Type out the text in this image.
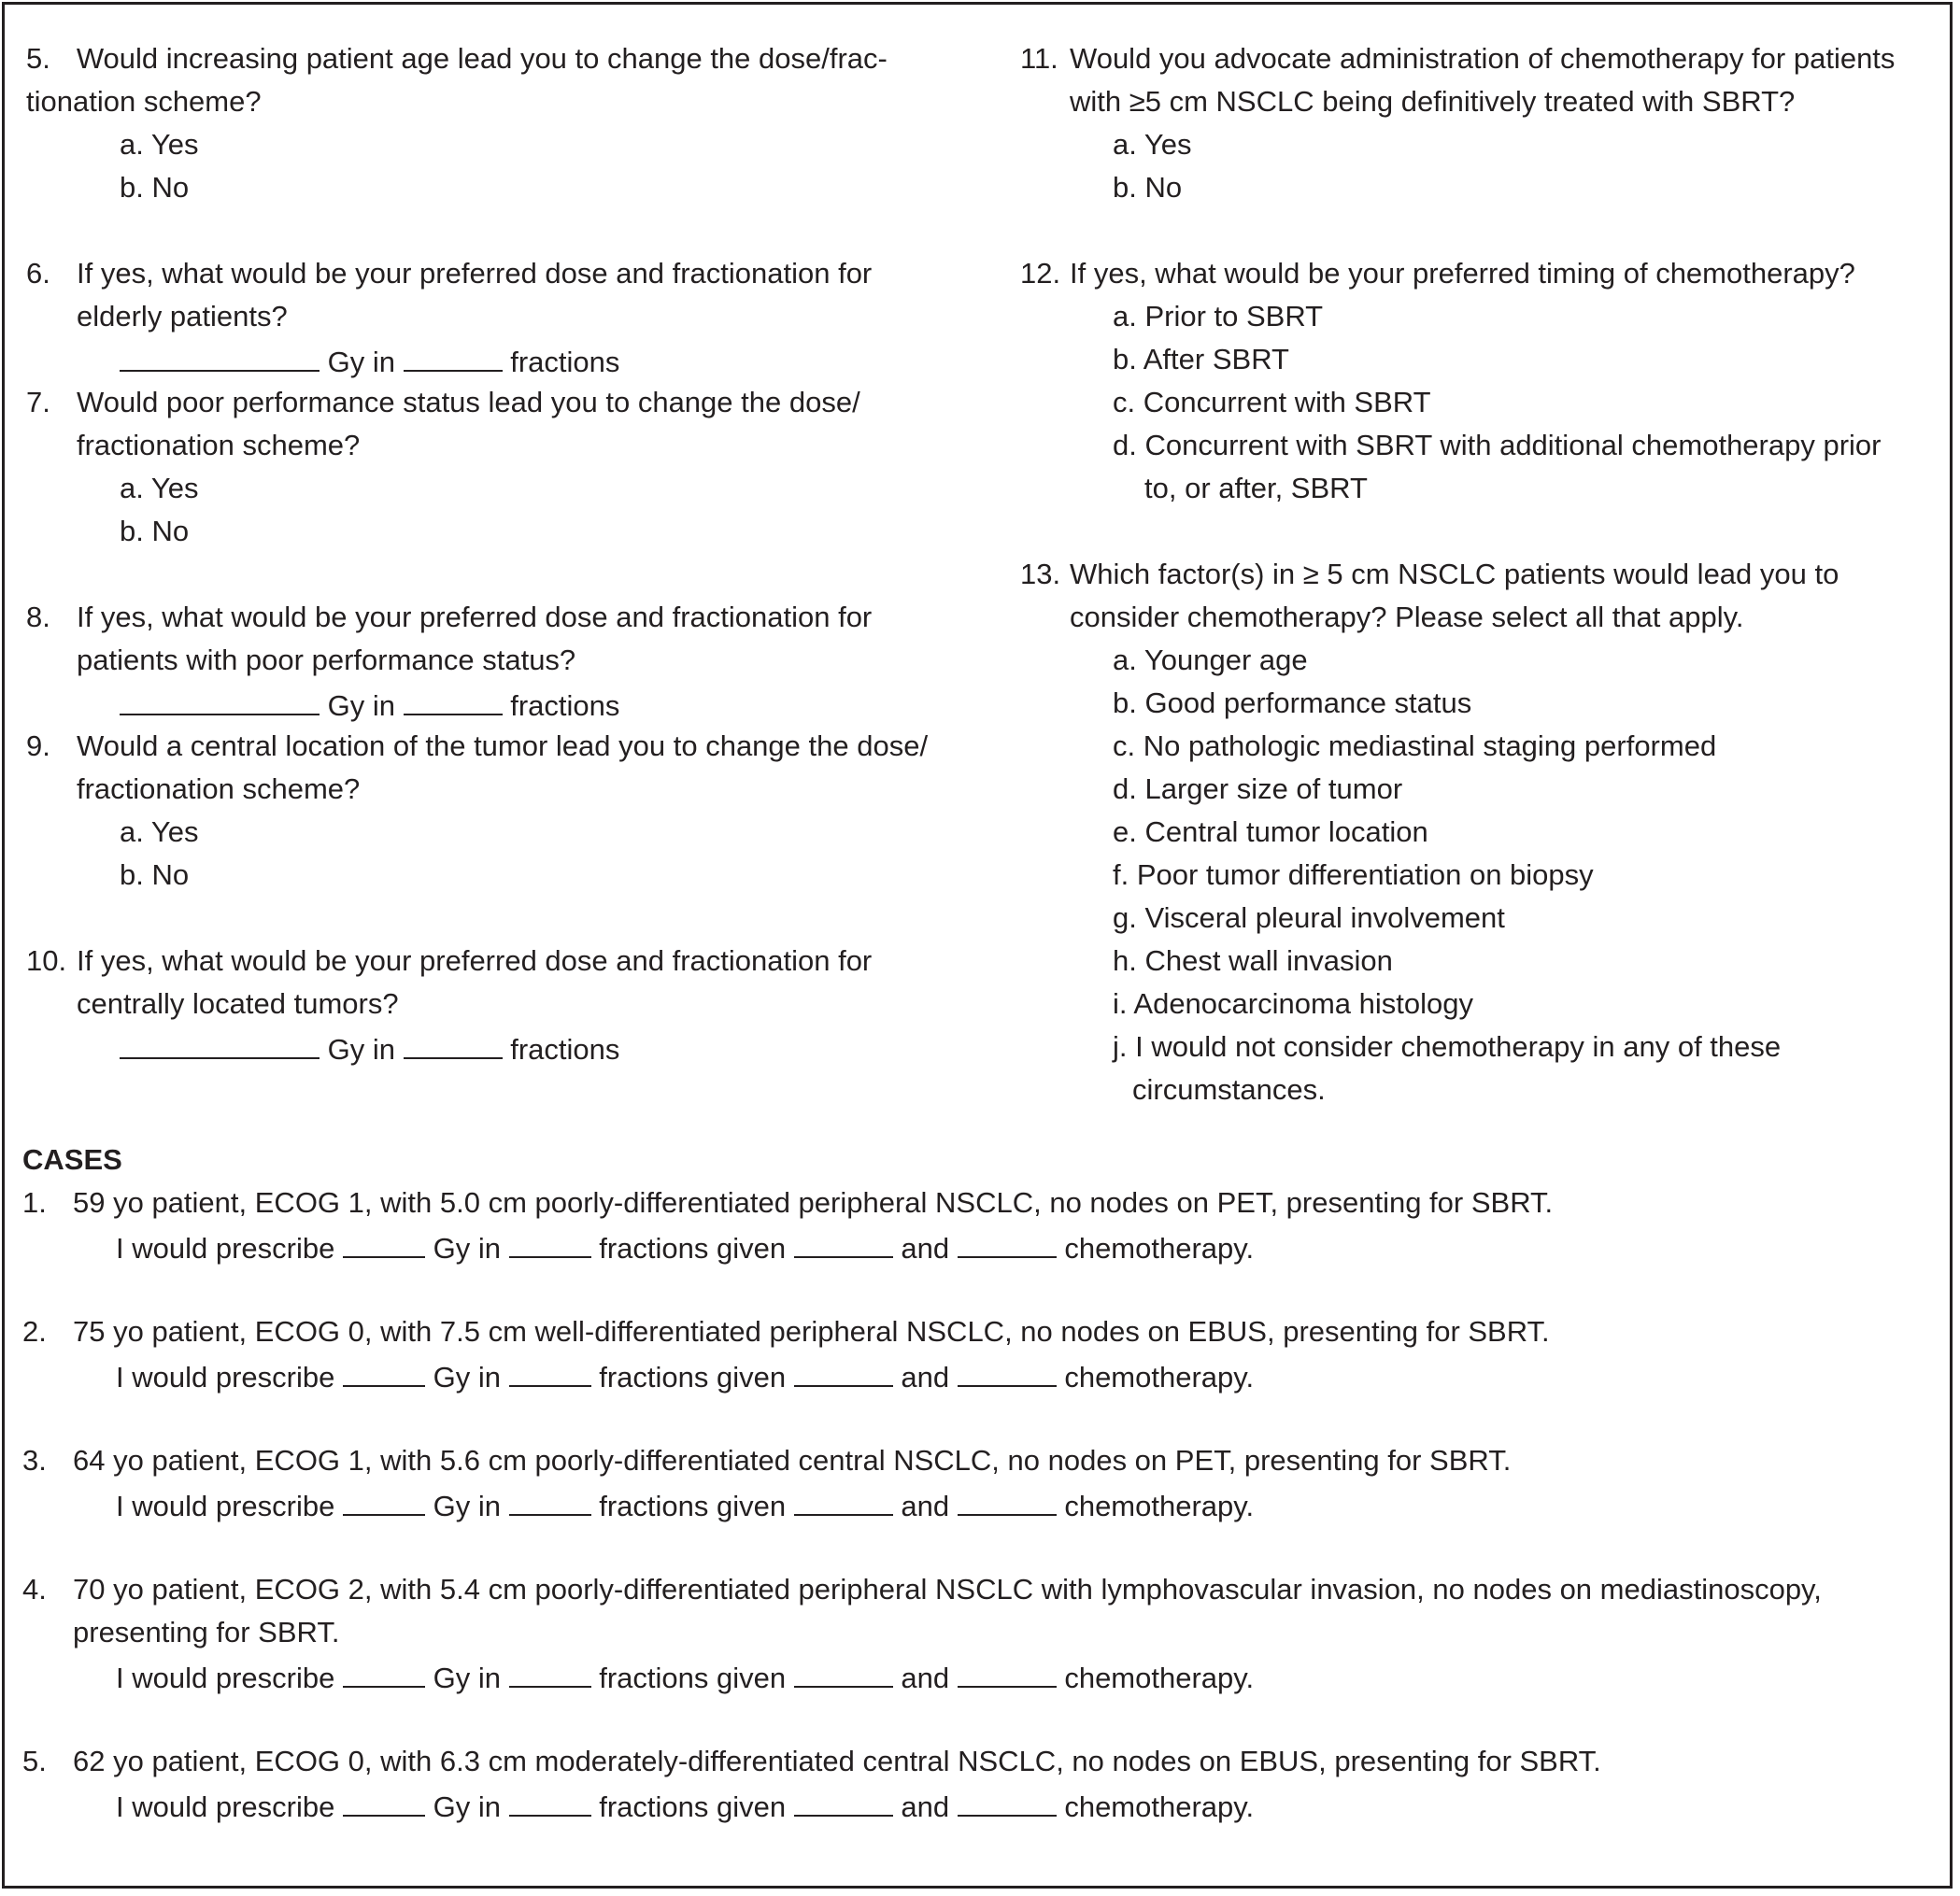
5. Would increasing patient age lead you to change the dose/frac-
tionation scheme?
a. Yes
b. No
6. If yes, what would be your preferred dose and fractionation for
elderly patients?
Gy in	fractions
7. Would poor performance status lead you to change the dose/
fractionation scheme?
a. Yes
b. No
8. If yes, what would be your preferred dose and fractionation for
patients with poor performance status?
Gy in	fractions
9. Would a central location of the tumor lead you to change the dose/
fractionation scheme?
a. Yes
b. No
10. If yes, what would be your preferred dose and fractionation for
centrally located tumors?
Gy in	fractions
11. Would you advocate administration of chemotherapy for patients
with ≥5 cm NSCLC being definitively treated with SBRT?
a. Yes
b. No
12. If yes, what would be your preferred timing of chemotherapy?
a. Prior to SBRT
b. After SBRT
c. Concurrent with SBRT
d. Concurrent with SBRT with additional chemotherapy prior
to, or after, SBRT
13. Which factor(s) in ≥ 5 cm NSCLC patients would lead you to
consider chemotherapy? Please select all that apply.
a. Younger age
b. Good performance status
c. No pathologic mediastinal staging performed
d. Larger size of tumor
e. Central tumor location
f. Poor tumor differentiation on biopsy
g. Visceral pleural involvement
h. Chest wall invasion
i. Adenocarcinoma histology
j. I would not consider chemotherapy in any of these
circumstances.
CASES
1. 59 yo patient, ECOG 1, with 5.0 cm poorly-differentiated peripheral NSCLC, no nodes on PET, presenting for SBRT.
I would prescribe	Gy in	fractions given	and	chemotherapy.
2. 75 yo patient, ECOG 0, with 7.5 cm well-differentiated peripheral NSCLC, no nodes on EBUS, presenting for SBRT.
I would prescribe	Gy in	fractions given	and	chemotherapy.
3. 64 yo patient, ECOG 1, with 5.6 cm poorly-differentiated central NSCLC, no nodes on PET, presenting for SBRT.
I would prescribe	Gy in	fractions given	and	chemotherapy.
4. 70 yo patient, ECOG 2, with 5.4 cm poorly-differentiated peripheral NSCLC with lymphovascular invasion, no nodes on mediastinoscopy,
presenting for SBRT.
I would prescribe	Gy in	fractions given	and	chemotherapy.
5. 62 yo patient, ECOG 0, with 6.3 cm moderately-differentiated central NSCLC, no nodes on EBUS, presenting for SBRT.
I would prescribe	Gy in	fractions given	and	chemotherapy.
